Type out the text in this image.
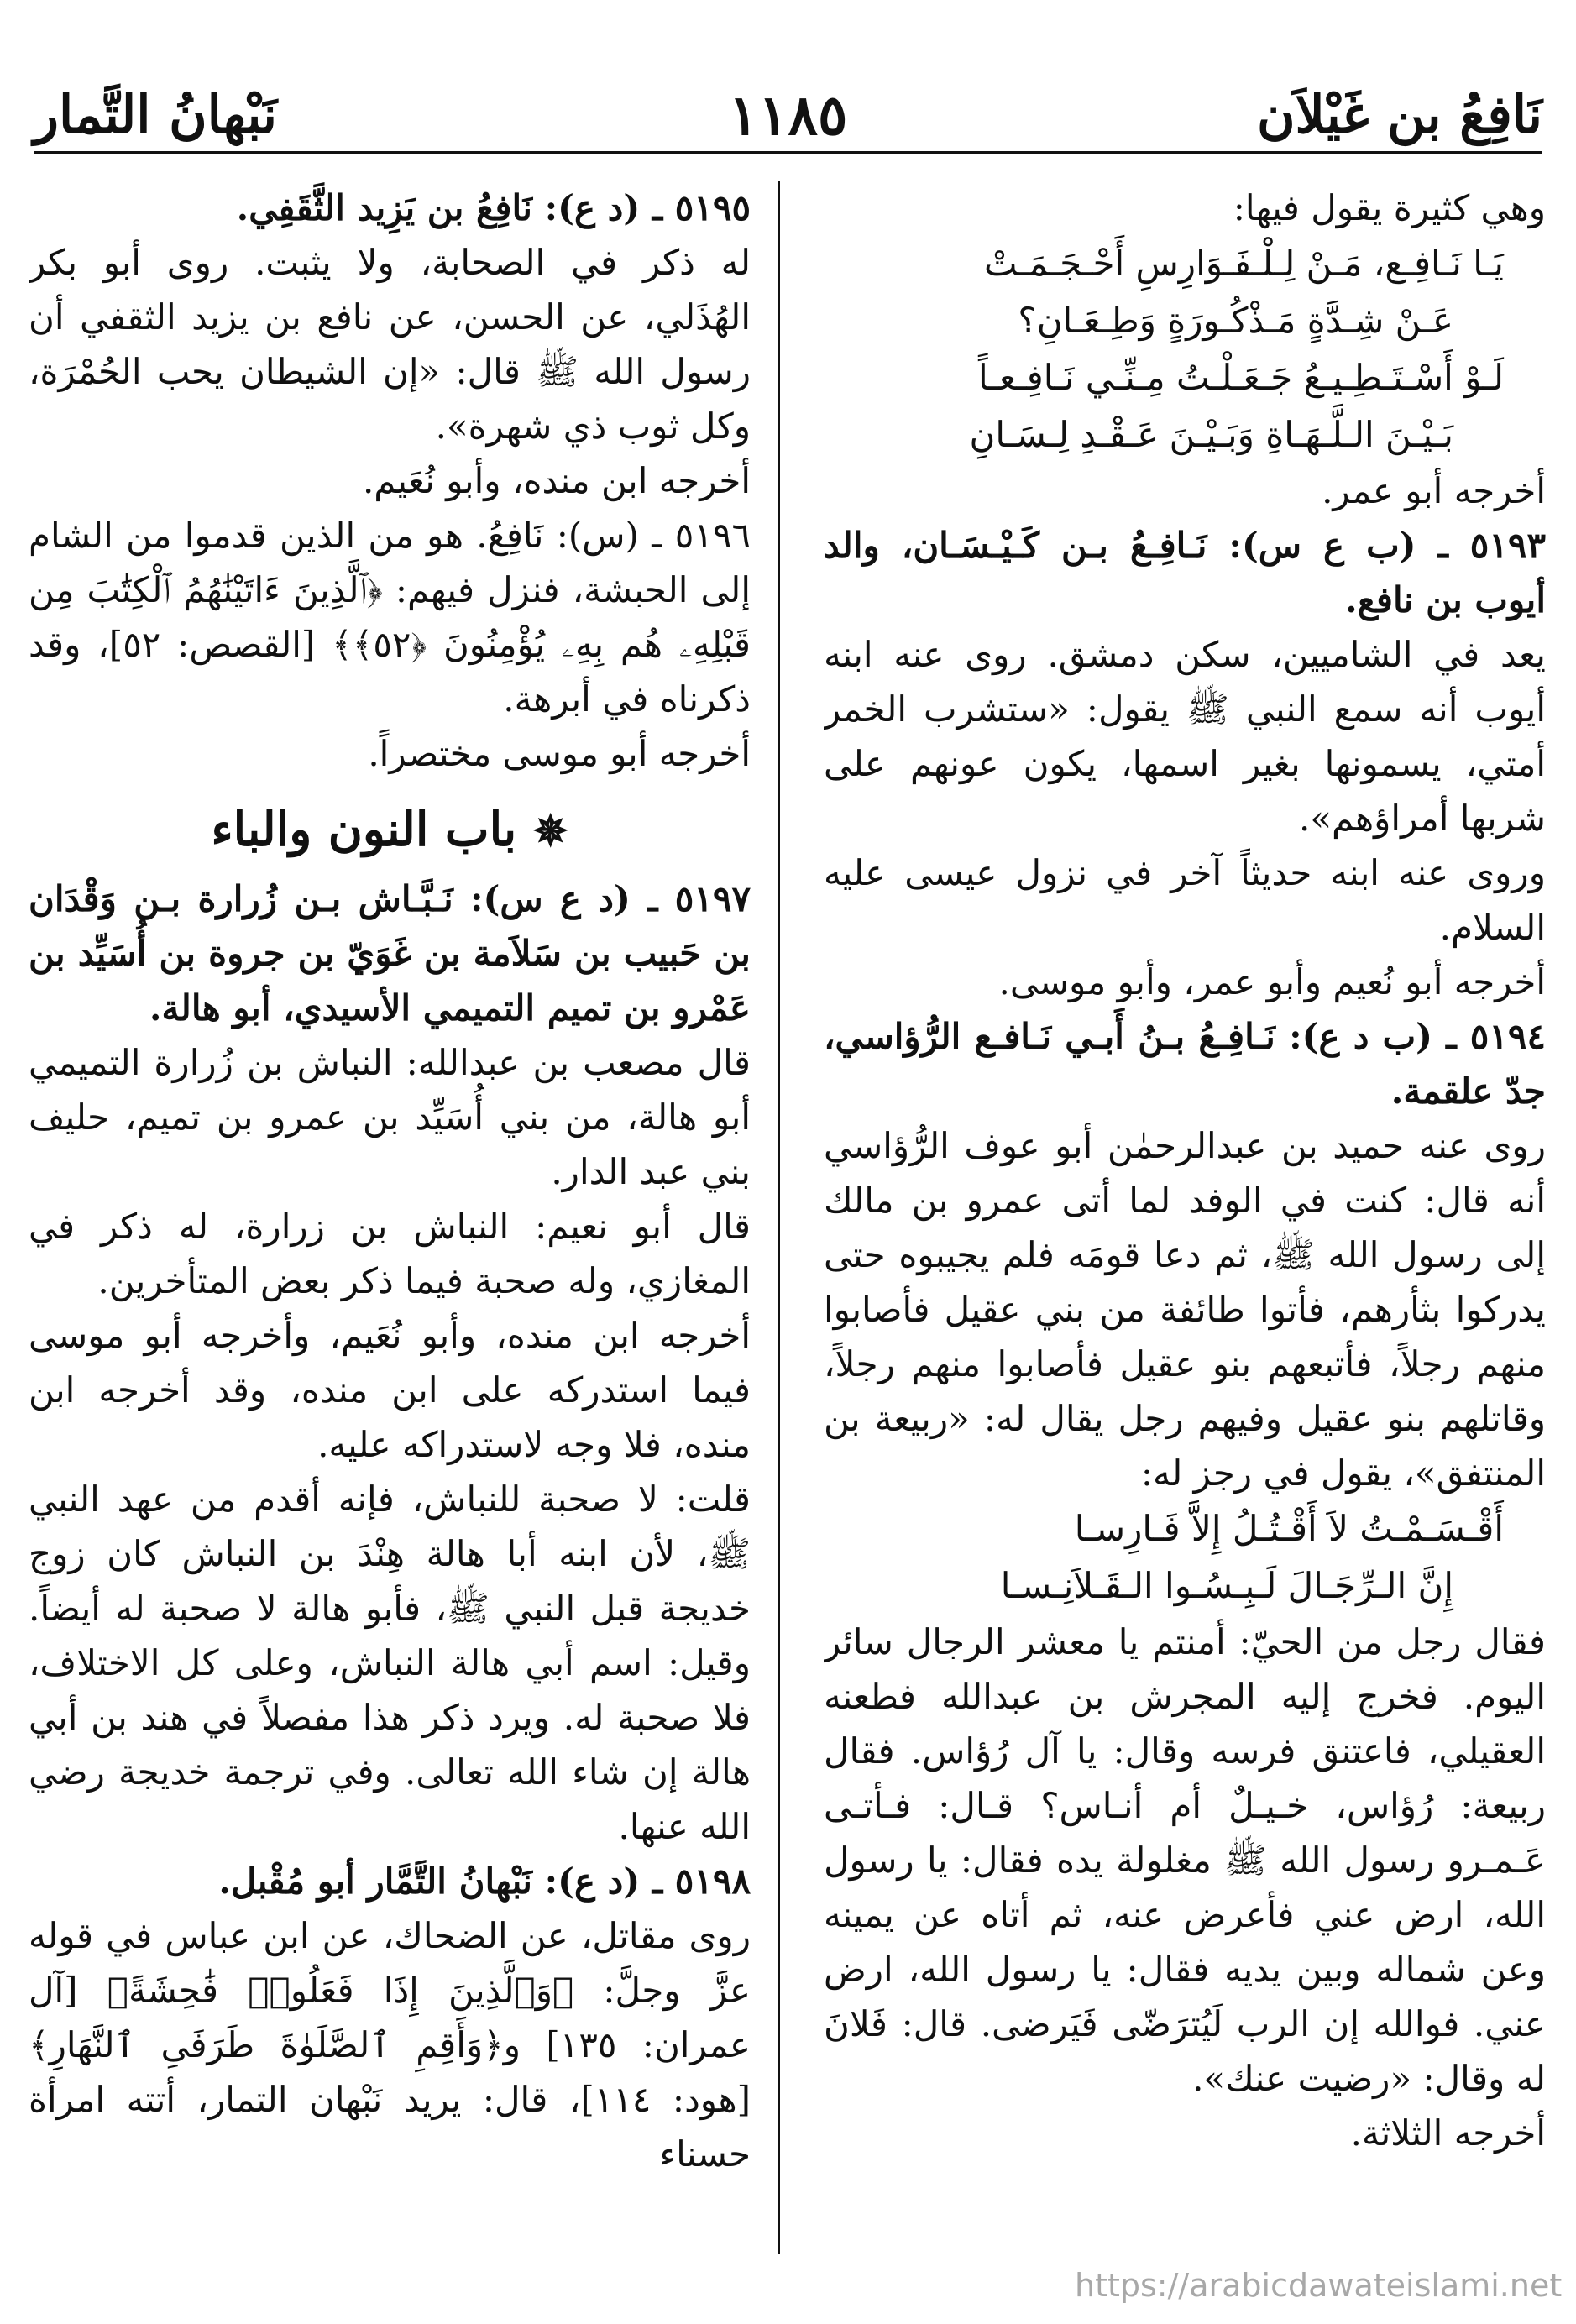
نَافِعُ بن غَيْلاَن
١١٨٥
نَبْهانُ التَّمار

وهي كثيرة يقول فيها:

يَـا نَـافِـع، مَـنْ لِـلْـفَـوَارِسِ أَحْـجَـمَـتْ

عَـنْ شِـدَّةٍ مَـذْكُـورَةٍ وَطِـعَـانِ؟

لَـوْ أَسْـتَـطِـيـعُ جَـعَـلْـتُ مِـنِّـي نَـافِـعـاً

بَـيْـنَ الـلَّـهَـاةِ وَبَـيْـنَ عَـقْـدِ لِـسَـانِ

أخرجه أبو عمر.

٥١٩٣ ـ (ب ع س): نَـافِـعُ بـن كَـيْـسَـان، والد أيوب بن نافع.

يعد في الشاميين، سكن دمشق. روى عنه ابنه أيوب أنه سمع النبي ﷺ يقول: «ستشرب الخمر أمتي، يسمونها بغير اسمها، يكون عونهم على شربها أمراؤهم».

وروى عنه ابنه حديثاً آخر في نزول عيسى عليه السلام.

أخرجه أبو نُعيم وأبو عمر، وأبو موسى.

٥١٩٤ ـ (ب د ع): نَـافِـعُ بـنُ أَبـي نَـافـع الرُّؤاسي، جدّ علقمة.

روى عنه حميد بن عبدالرحمٰن أبو عوف الرُّؤاسي أنه قال: كنت في الوفد لما أتى عمرو بن مالك إلى رسول الله ﷺ، ثم دعا قومَه فلم يجيبوه حتى يدركوا بثأرهم، فأتوا طائفة من بني عقيل فأصابوا منهم رجلاً، فأتبعهم بنو عقيل فأصابوا منهم رجلاً، وقاتلهم بنو عقيل وفيهم رجل يقال له: «ربيعة بن المنتفق»، يقول في رجز له:

أَقْـسَـمْـتُ لاَ أَقْـتُـلُ إِلاَّ فَـارِسـا

إِنَّ الـرِّجَـالَ لَـبِـسُـوا الـقَـلاَنِـسـا

فقال رجل من الحيّ: أمنتم يا معشر الرجال سائر اليوم. فخرج إليه المجرش بن عبدالله فطعنه العقيلي، فاعتنق فرسه وقال: يا آل رُؤاس. فقال ربيعة: رُؤاس، خـيـلٌ أم أنـاس؟ قـال: فـأتـى عَـمـرو رسول الله ﷺ مغلولة يده فقال: يا رسول الله، ارض عني فأعرض عنه، ثم أتاه عن يمينه وعن شماله وبين يديه فقال: يا رسول الله، ارض عني. فوالله إن الرب لَيُترَضّى فَيَرضى. قال: فَلانَ له وقال: «رضيت عنك».

أخرجه الثلاثة.

٥١٩٥ ـ (د ع): نَافِعُ بن يَزِيد الثَّقَفِي.

له ذكر في الصحابة، ولا يثبت. روى أبو بكر الهُذَلي، عن الحسن، عن نافع بن يزيد الثقفي أن رسول الله ﷺ قال: «إن الشيطان يحب الحُمْرَة، وكل ثوب ذي شهرة».

أخرجه ابن منده، وأبو نُعَيم.

٥١٩٦ ـ (س): نَافِعُ. هو من الذين قدموا من الشام إلى الحبشة، فنزل فيهم: ﴿ٱلَّذِينَ ءَاتَيْنَٰهُمُ ٱلْكِتَٰبَ مِن قَبْلِهِۦ هُم بِهِۦ يُؤْمِنُونَ ﴿٥٢﴾﴾ [القصص: ٥٢]، وقد ذكرناه في أبرهة.

أخرجه أبو موسى مختصراً.

✵ باب النون والباء

٥١٩٧ ـ (د ع س): نَـبَّـاش بـن زُرارة بـن وَقْدَان بن حَبيب بن سَلاَمة بن غَوَيّ بن جروة بن أُسَيِّد بن عَمْرو بن تميم التميمي الأسيدي، أبو هالة.

قال مصعب بن عبدالله: النباش بن زُرارة التميمي أبو هالة، من بني أُسَيِّد بن عمرو بن تميم، حليف بني عبد الدار.

قال أبو نعيم: النباش بن زرارة، له ذكر في المغازي، وله صحبة فيما ذكر بعض المتأخرين.

أخرجه ابن منده، وأبو نُعَيم، وأخرجه أبو موسى فيما استدركه على ابن منده، وقد أخرجه ابن منده، فلا وجه لاستدراكه عليه.

قلت: لا صحبة للنباش، فإنه أقدم من عهد النبي ﷺ، لأن ابنه أبا هالة هِنْدَ بن النباش كان زوج خديجة قبل النبي ﷺ، فأبو هالة لا صحبة له أيضاً. وقيل: اسم أبي هالة النباش، وعلى كل الاختلاف، فلا صحبة له. ويرد ذكر هذا مفصلاً في هند بن أبي هالة إن شاء الله تعالى. وفي ترجمة خديجة رضي الله عنها.

٥١٩٨ ـ (د ع): نَبْهانُ التَّمَّار أبو مُقْبل.

روى مقاتل، عن الضحاك، عن ابن عباس في قوله عزَّ وجلَّ: ﴿وَٱلَّذِينَ إِذَا فَعَلُوا۟ فَٰحِشَةً﴾ [آل عمران: ١٣٥] و﴿وَأَقِمِ ٱلصَّلَوٰةَ طَرَفَىِ ٱلنَّهَارِ﴾ [هود: ١١٤]، قال: يريد نَبْهان التمار، أتته امرأة حسناء

https://arabicdawateislami.net
